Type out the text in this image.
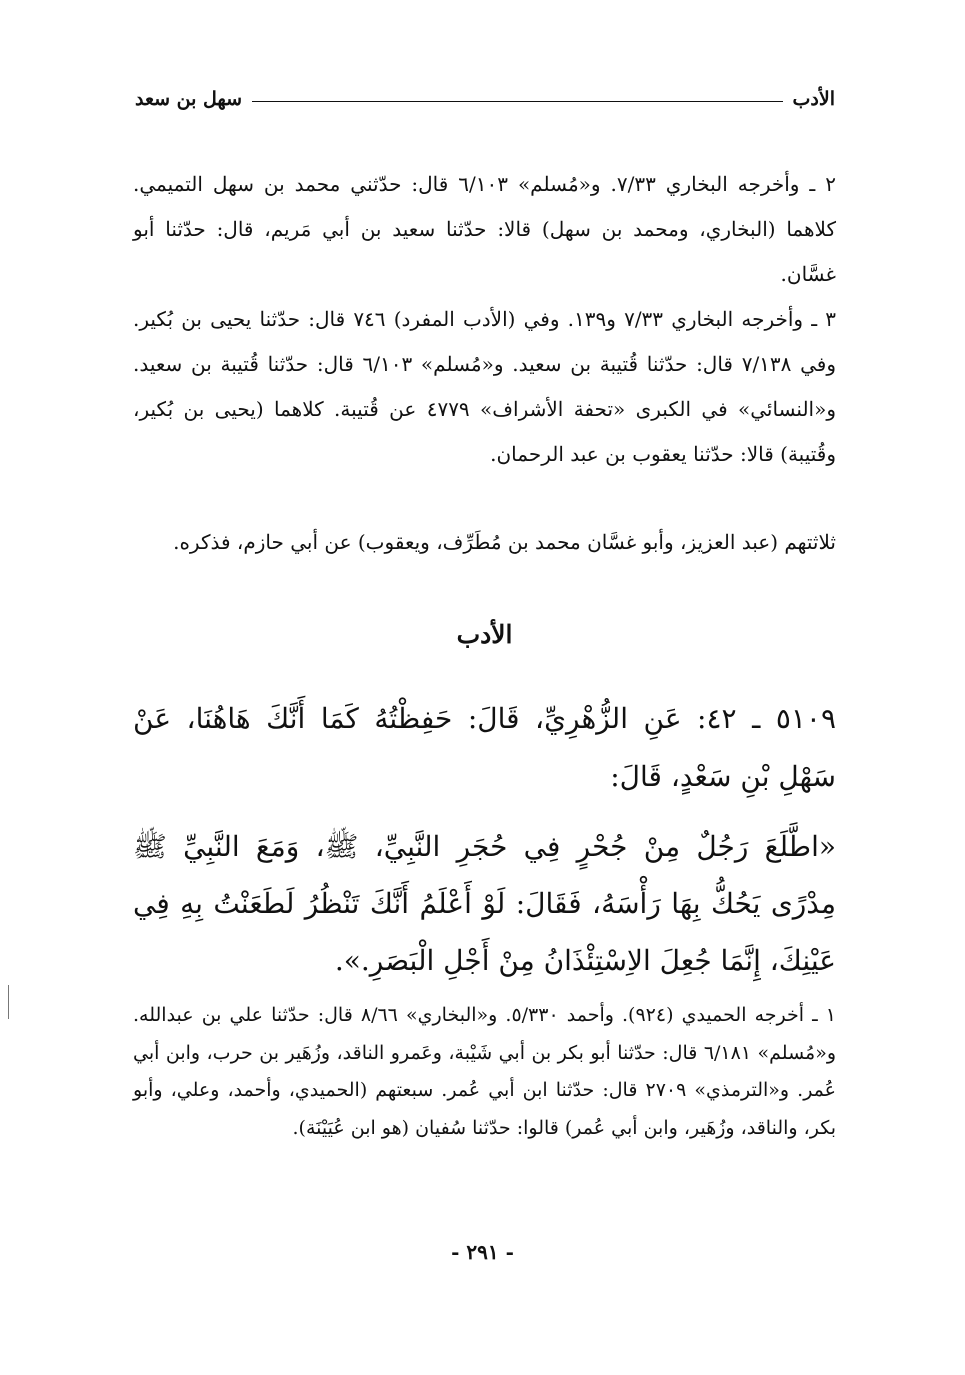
الأدب
سهل بن سعد

٢ ـ وأخرجه البخاري ٧/٣٣. و«مُسلم» ٦/١٠٣ قال: حدّثني محمد بن سهل التميمي. كلاهما (البخاري، ومحمد بن سهل) قالا: حدّثنا سعيد بن أبي مَريم، قال: حدّثنا أبو غسَّان.

٣ ـ وأخرجه البخاري ٧/٣٣ و١٣٩. وفي (الأدب المفرد) ٧٤٦ قال: حدّثنا يحيى بن بُكير. وفي ٧/١٣٨ قال: حدّثنا قُتيبة بن سعيد. و«مُسلم» ٦/١٠٣ قال: حدّثنا قُتيبة بن سعيد. و«النسائي» في الكبرى «تحفة الأشراف» ٤٧٧٩ عن قُتيبة. كلاهما (يحيى بن بُكير، وقُتيبة) قالا: حدّثنا يعقوب بن عبد الرحمان.

ثلاثتهم (عبد العزيز، وأبو غسَّان محمد بن مُطَرِّف، ويعقوب) عن أبي حازم، فذكره.

الأدب

٥١٠٩ ـ ٤٢: عَنِ الزُّهْرِيِّ، قَالَ: حَفِظْتُهُ كَمَا أَنَّكَ هَاهُنَا، عَنْ سَهْلِ بْنِ سَعْدٍ، قَالَ:

«اطَّلَعَ رَجُلٌ مِنْ جُحْرٍ فِي حُجَرِ النَّبِيِّ، ﷺ، وَمَعَ النَّبِيِّ ﷺ مِدْرًى يَحُكُّ بِهَا رَأْسَهُ، فَقَالَ: لَوْ أَعْلَمُ أَنَّكَ تَنْظُرُ لَطَعَنْتُ بِهِ فِي عَيْنِكَ، إِنَّمَا جُعِلَ الاِسْتِئْذَانُ مِنْ أَجْلِ الْبَصَرِ.».

١ ـ أخرجه الحميدي (٩٢٤). وأحمد ٥/٣٣٠. و«البخاري» ٨/٦٦ قال: حدّثنا علي بن عبدالله. و«مُسلم» ٦/١٨١ قال: حدّثنا أبو بكر بن أبي شَيْبة، وعَمرو الناقد، وزُهَير بن حرب، وابن أبي عُمر. و«الترمذي» ٢٧٠٩ قال: حدّثنا ابن أبي عُمر. سبعتهم (الحميدي، وأحمد، وعلي، وأبو بكر، والناقد، وزُهَير، وابن أبي عُمر) قالوا: حدّثنا سُفيان (هو ابن عُيَيْنَة).

- ٢٩١ -
